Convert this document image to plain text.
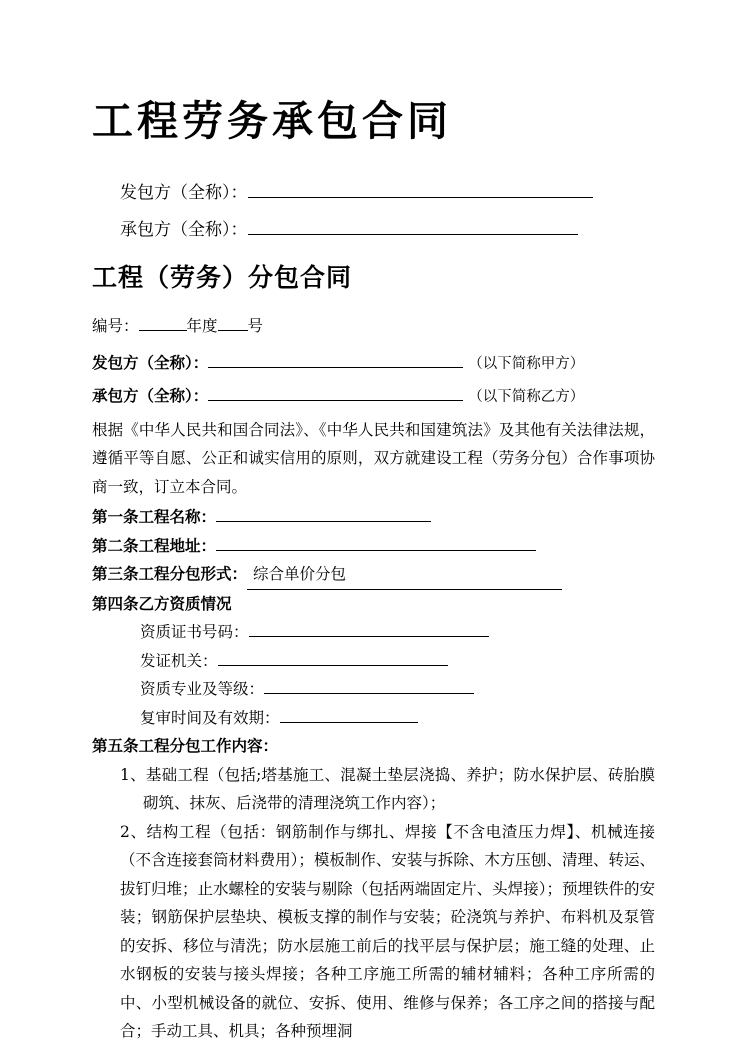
工程劳务承包合同
发包方（全称）：
承包方（全称）：
工程（劳务）分包合同
编号：	年度 号
发包方（全称）：	（以下简称甲方）
承包方（全称）：	（以下简称乙方）

根据《中华人民共和国合同法》、《中华人民共和国建筑法》及其他有关法律法规，遵循平等自愿、公正和诚实信用的原则，双方就建设工程（劳务分包）合作事项协商一致，订立本合同。

第一条工程名称：
第二条工程地址：
第三条工程分包形式： 综合单价分包
第四条乙方资质情况
资质证书号码：
发证机关：
资质专业及等级：
复审时间及有效期：
第五条工程分包工作内容：

1、基础工程（包括;塔基施工、混凝土垫层浇捣、养护；防水保护层、砖胎膜砌筑、抹灰、后浇带的清理浇筑工作内容）；

2、结构工程（包括：钢筋制作与绑扎、焊接【不含电渣压力焊】、机械连接（不含连接套筒材料费用）；模板制作、安装与拆除、木方压刨、清理、转运、拔钉归堆；止水螺栓的安装与剔除（包括两端固定片、头焊接）；预埋铁件的安装；钢筋保护层垫块、模板支撑的制作与安装；砼浇筑与养护、布料机及泵管的安拆、移位与清洗；防水层施工前后的找平层与保护层；施工缝的处理、止水钢板的安装与接头焊接；各种工序施工所需的辅材辅料；各种工序所需的中、小型机械设备的就位、安拆、使用、维修与保养；各工序之间的搭接与配合；手动工具、机具；各种预埋洞
